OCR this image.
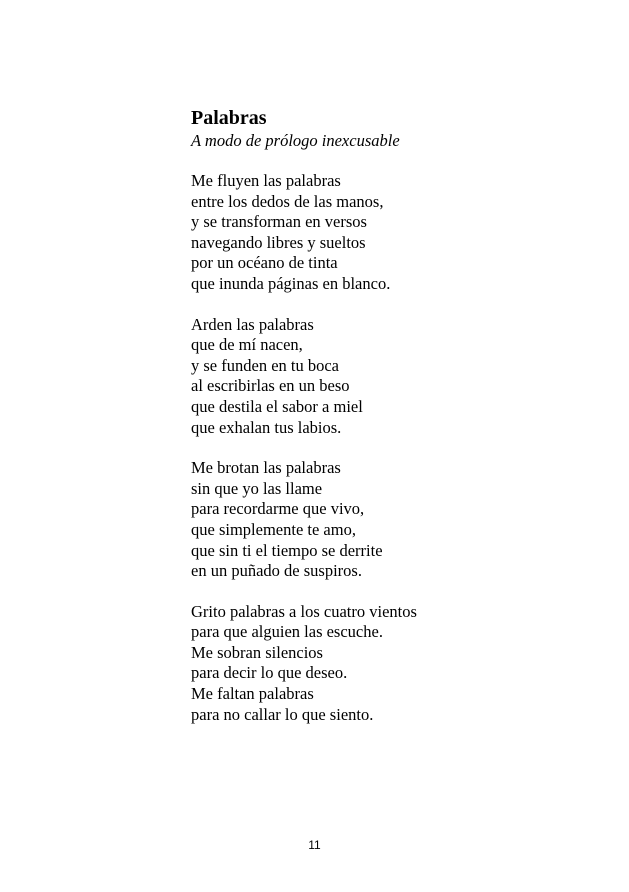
Palabras
A modo de prólogo inexcusable
Me fluyen las palabras
entre los dedos de las manos,
y se transforman en versos
navegando libres y sueltos
por un océano de tinta
que inunda páginas en blanco.
Arden las palabras
que de mí nacen,
y se funden en tu boca
al escribirlas en un beso
que destila el sabor a miel
que exhalan tus labios.
Me brotan las palabras
sin que yo las llame
para recordarme que vivo,
que simplemente te amo,
que sin ti el tiempo se derrite
en un puñado de suspiros.
Grito palabras a los cuatro vientos
para que alguien las escuche.
Me sobran silencios
para decir lo que deseo.
Me faltan palabras
para no callar lo que siento.
11
